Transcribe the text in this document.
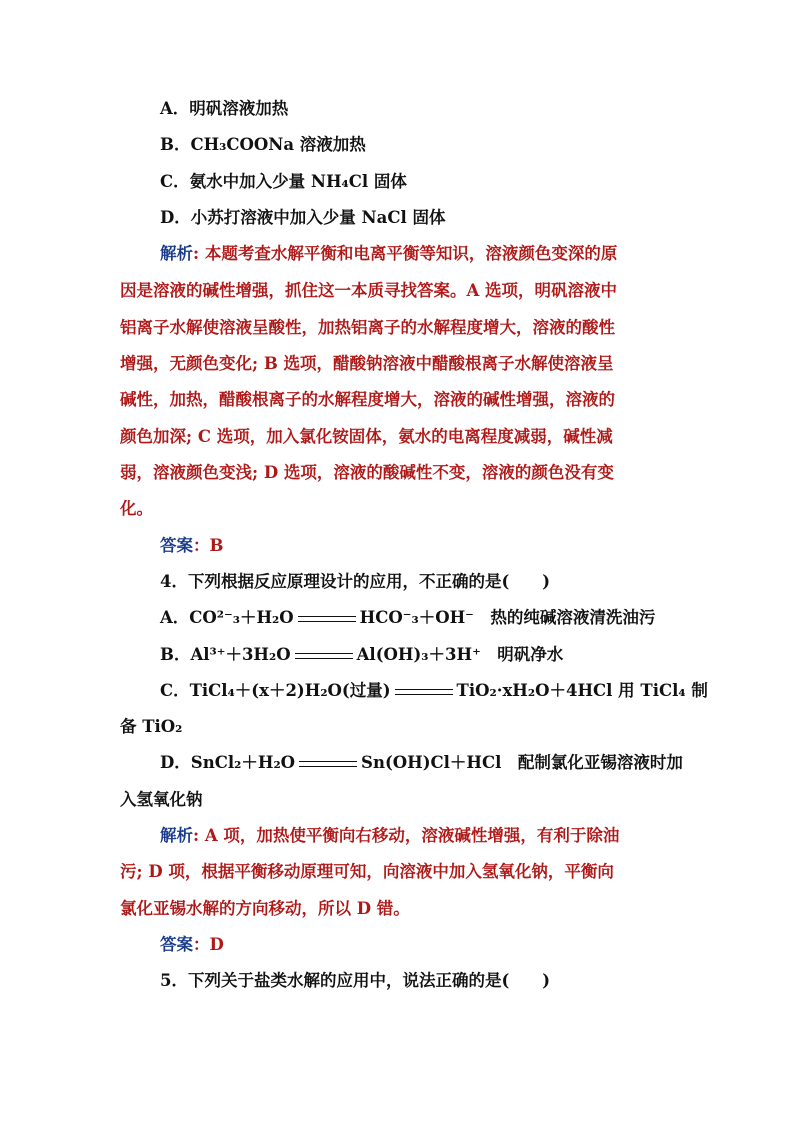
A．明矾溶液加热
B．CH₃COONa 溶液加热
C．氨水中加入少量 NH₄Cl 固体
D．小苏打溶液中加入少量 NaCl 固体
解析: 本题考查水解平衡和电离平衡等知识，溶液颜色变深的原
因是溶液的碱性增强，抓住这一本质寻找答案。A 选项，明矾溶液中
铝离子水解使溶液呈酸性，加热铝离子的水解程度增大，溶液的酸性
增强，无颜色变化; B 选项，醋酸钠溶液中醋酸根离子水解使溶液呈
碱性，加热，醋酸根离子的水解程度增大，溶液的碱性增强，溶液的
颜色加深; C 选项，加入氯化铵固体，氨水的电离程度减弱，碱性减
弱，溶液颜色变浅; D 选项，溶液的酸碱性不变，溶液的颜色没有变
化。
答案：B
4．下列根据反应原理设计的应用，不正确的是(　　)
A．CO²⁻₃＋H₂O	HCO⁻₃＋OH⁻　热的纯碱溶液清洗油污
B．Al³⁺＋3H₂O	Al(OH)₃＋3H⁺　明矾净水
C．TiCl₄＋(x＋2)H₂O(过量)	TiO₂·xH₂O＋4HCl 用 TiCl₄ 制
备 TiO₂
D．SnCl₂＋H₂O	Sn(OH)Cl＋HCl　配制氯化亚锡溶液时加
入氢氧化钠
解析: A 项，加热使平衡向右移动，溶液碱性增强，有利于除油
污; D 项，根据平衡移动原理可知，向溶液中加入氢氧化钠，平衡向
氯化亚锡水解的方向移动，所以 D 错。
答案：D
5．下列关于盐类水解的应用中，说法正确的是(　　)
